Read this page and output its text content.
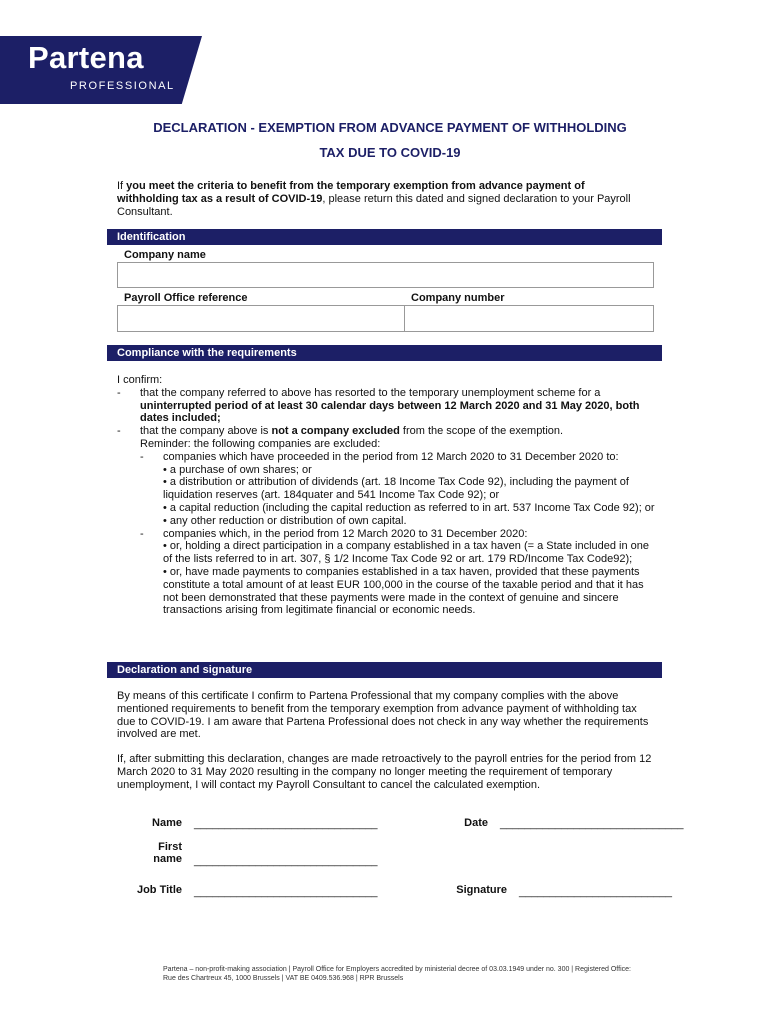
Partena
PROFESSIONAL
DECLARATION - EXEMPTION FROM ADVANCE PAYMENT OF WITHHOLDING
TAX DUE TO COVID-19
If you meet the criteria to benefit from the temporary exemption from advance payment of withholding tax as a result of COVID-19, please return this dated and signed declaration to your Payroll Consultant.
Identification
Company name
Payroll Office reference	Company number
Compliance with the requirements
I confirm:
- that the company referred to above has resorted to the temporary unemployment scheme for a uninterrupted period of at least 30 calendar days between 12 March 2020 and 31 May 2020, both dates included;
- that the company above is not a company excluded from the scope of the exemption.
Reminder: the following companies are excluded:
- companies which have proceeded in the period from 12 March 2020 to 31 December 2020 to:
• a purchase of own shares; or
• a distribution or attribution of dividends (art. 18 Income Tax Code 92), including the payment of liquidation reserves (art. 184quater and 541 Income Tax Code 92); or
• a capital reduction (including the capital reduction as referred to in art. 537 Income Tax Code 92); or
• any other reduction or distribution of own capital.
- companies which, in the period from 12 March 2020 to 31 December 2020:
• or, holding a direct participation in a company established in a tax haven (= a State included in one of the lists referred to in art. 307, § 1/2 Income Tax Code 92 or art. 179 RD/Income Tax Code92);
• or, have made payments to companies established in a tax haven, provided that these payments constitute a total amount of at least EUR 100,000 in the course of the taxable period and that it has not been demonstrated that these payments were made in the context of genuine and sincere transactions arising from legitimate financial or economic needs.
Declaration and signature

By means of this certificate I confirm to Partena Professional that my company complies with the above mentioned requirements to benefit from the temporary exemption from advance payment of withholding tax due to COVID-19. I am aware that Partena Professional does not check in any way whether the requirements involved are met.

If, after submitting this declaration, changes are made retroactively to the payroll entries for the period from 12 March 2020 to 31 May 2020 resulting in the company no longer meeting the requirement of temporary unemployment, I will contact my Payroll Consultant to cancel the calculated exemption.

Name ______________________________	Date ______________________________
First
name ______________________________
Job Title ______________________________	Signature _________________________
Partena – non-profit-making association | Payroll Office for Employers accredited by ministerial decree of 03.03.1949 under no. 300 | Registered Office:
Rue des Chartreux 45, 1000 Brussels | VAT BE 0409.536.968 | RPR Brussels
